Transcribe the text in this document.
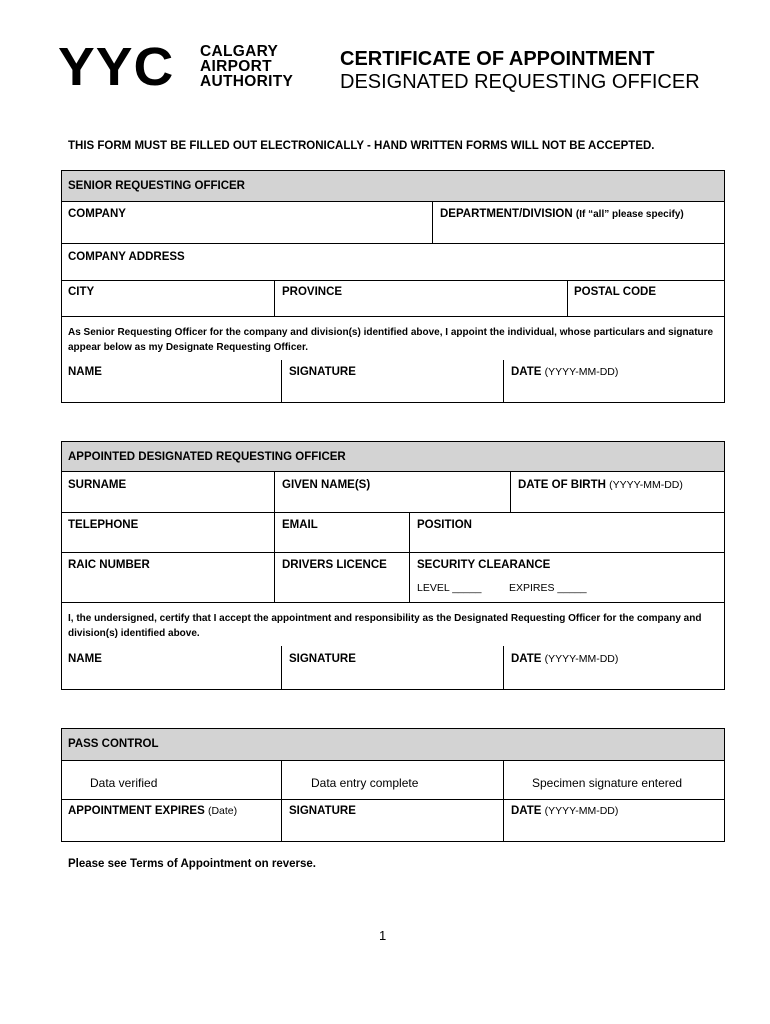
YYC CALGARY
AIRPORT
AUTHORITY
CERTIFICATE OF APPOINTMENT
DESIGNATED REQUESTING OFFICER
THIS FORM MUST BE FILLED OUT ELECTRONICALLY - HAND WRITTEN FORMS WILL NOT BE ACCEPTED.
SENIOR REQUESTING OFFICER
COMPANY	DEPARTMENT/DIVISION (If “all” please specify)
COMPANY ADDRESS
CITY	PROVINCE	POSTAL CODE
As Senior Requesting Officer for the company and division(s) identified above, I appoint the individual, whose particulars and signature appear below as my Designate Requesting Officer.
NAME	SIGNATURE	DATE (YYYY-MM-DD)
APPOINTED DESIGNATED REQUESTING OFFICER
SURNAME	GIVEN NAME(S)	DATE OF BIRTH (YYYY-MM-DD)
TELEPHONE	EMAIL	POSITION
RAIC NUMBER	DRIVERS LICENCE	SECURITY CLEARANCE
LEVEL _____	EXPIRES _____
I, the undersigned, certify that I accept the appointment and responsibility as the Designated Requesting Officer for the company and division(s) identified above.
NAME	SIGNATURE	DATE (YYYY-MM-DD)
PASS CONTROL
Data verified	Data entry complete	Specimen signature entered
APPOINTMENT EXPIRES (Date)	SIGNATURE	DATE (YYYY-MM-DD)
Please see Terms of Appointment on reverse.
1
